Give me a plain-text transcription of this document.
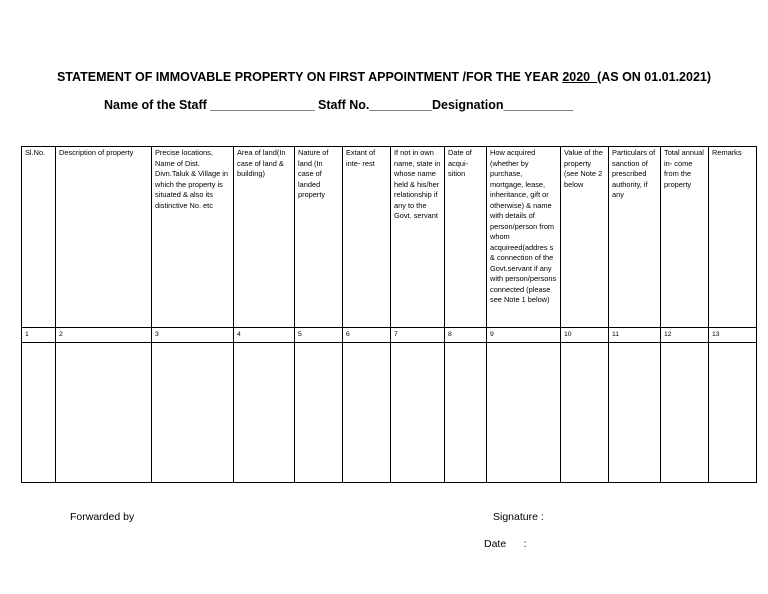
STATEMENT OF IMMOVABLE PROPERTY ON FIRST APPOINTMENT /FOR THE YEAR 2020_(AS ON 01.01.2021)
Name of the Staff _______________ Staff No._________Designation__________
Sl.No.	Description of property	Precise locations, Name of Dist. Divn.Taluk & Village in which the property is situated & also its distinctive No. etc	Area of land(In case of land & building)	Nature of land (In case of landed property	Extant of inte- rest	If not in own name, state in whose name held & his/her relationship if any to the Govt. servant	Date of acqui- sition	How acquired (whether by purchase, mortgage, lease, inheritance, gift or otherwise) & name with details of person/person from whom acquireed(addres s & connection of the Govt.servant if any with person/persons connected (please see Note 1 below)	Value of the property (see Note 2 below	Particulars of sanction of prescribed authority, if any	Total annual in- come from the property	Remarks
1	2	3	4	5	6	7	8	9	10	11	12	13

Forwarded by	Signature :
Date      :
